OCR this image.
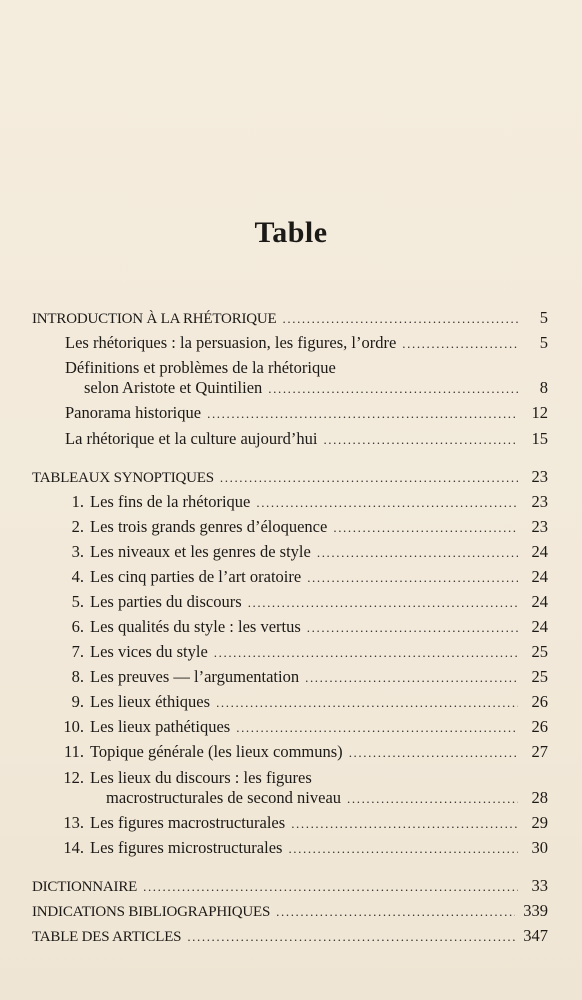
Table
INTRODUCTION À LA RHÉTORIQUE .....	5
Les rhétoriques : la persuasion, les figures, l’ordre .....	5
Définitions et problèmes de la rhétorique
selon Aristote et Quintilien .....	8
Panorama historique .....	12
La rhétorique et la culture aujourd’hui .....	15
TABLEAUX SYNOPTIQUES .....	23
1. Les fins de la rhétorique .....	23
2. Les trois grands genres d’éloquence .....	23
3. Les niveaux et les genres de style .....	24
4. Les cinq parties de l’art oratoire .....	24
5. Les parties du discours .....	24
6. Les qualités du style : les vertus .....	24
7. Les vices du style .....	25
8. Les preuves — l’argumentation .....	25
9. Les lieux éthiques .....	26
10. Les lieux pathétiques .....	26
11. Topique générale (les lieux communs) .....	27
12. Les lieux du discours : les figures
macrostructurales de second niveau .....	28
13. Les figures macrostructurales .....	29
14. Les figures microstructurales .....	30
DICTIONNAIRE .....	33
INDICATIONS BIBLIOGRAPHIQUES .....	339
TABLE DES ARTICLES .....	347
